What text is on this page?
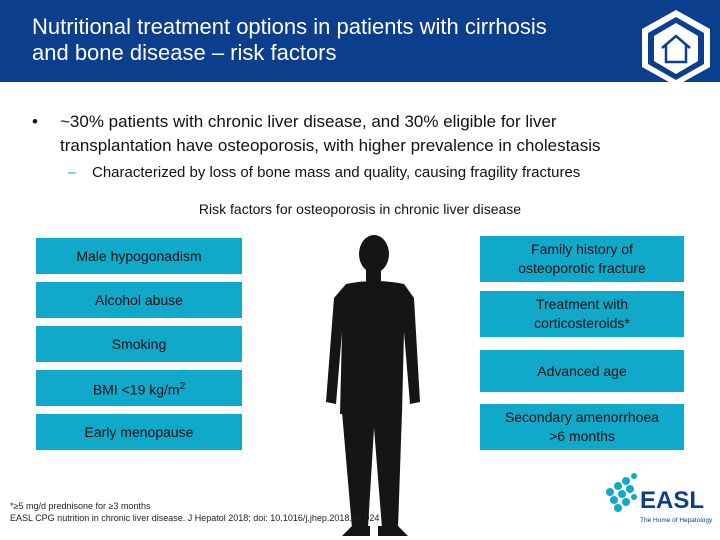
Nutritional treatment options in patients with cirrhosis
and bone disease – risk factors
• ~30% patients with chronic liver disease, and 30% eligible for liver
transplantation have osteoporosis, with higher prevalence in cholestasis
– Characterized by loss of bone mass and quality, causing fragility fractures
Risk factors for osteoporosis in chronic liver disease
Male hypogonadism
Alcohol abuse
Smoking
BMI <19 $kg/m^2$
Early menopause
Family history of
osteoporotic fracture
Treatment with
corticosteroids*
Advanced age
Secondary amenorrhoea
>6 months
*≥5 mg/d prednisone for ≥3 months
EASL CPG nutrition in chronic liver disease. J Hepatol 2018; doi: 10.1016/j.jhep.2018.06.024
EASL
The Home of Hepatology
